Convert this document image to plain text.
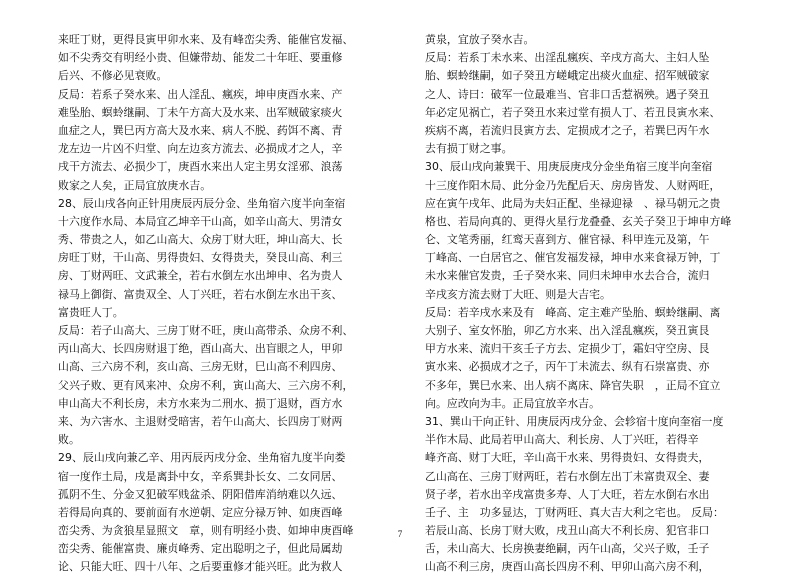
来旺丁财，更得艮寅甲卯水来、及有峰峦尖秀、能催官发福、
如不尖秀交有明经小贵、但嫌带劫、能发二十年旺、要重修
后兴、不修必见衰败。
反局：若系子癸水来、出人淫乱、瘋疾，坤申庚酉水来、产
难坠胎、螟蛉继嗣、丁未午方高大及水来、出军贼破家痰火
血症之人，巽巳丙方高大及水来、病人不脱、药饵不离、青
龙左边一片凶不归堂、向左边亥方流去、必损成才之人，辛
戌干方流去、必损少丁，庚酉水来出人定主男女淫邪、浪荡
败家之人矣，正局宜放庚水吉。
28、辰山戌各向正针用庚辰丙辰分金、坐角宿六度半向奎宿
十六度作水局、本局宜乙坤辛干山高，如辛山高大、男清女
秀、带贵之人，如乙山高大、众房丁财大旺，坤山高大、长
房旺丁财，干山高、男得贵妇、女得贵夫，癸艮山高、利三
房、丁财两旺、文武兼全，若右水倒左水出坤申、名为贵人
禄马上御街、富贵双全、人丁兴旺，若右水倒左水出干亥、
富贵旺人丁。
反局：若子山高大、三房丁财不旺，庚山高带杀、众房不利、
丙山高大、长四房财退丁绝，酉山高大、出盲眼之人，甲卯
山高、三六房不利，亥山高、三房无财，巳山高不利四房、
父兴子败、更有风来冲、众房不利，寅山高大、三六房不利，
申山高大不利长房，未方水来为二刑水、损丁退财，酉方水
来、为六害水、主退财受暗害，若午山高大、长四房丁财两
败。
29、辰山戌向兼乙辛、用丙辰丙戌分金、坐角宿九度半向娄
宿一度作土局，戌是离卦中女，辛系巽卦长女、二女同居、
孤阴不生、分金又犯破军贱盆杀、阴阳借库消纳难以久远、
若得局向真的、要前面有水逆朝、定应分禄万钟、如庚酉峰
峦尖秀、为贪狼星显照文　章，则有明经小贵、如坤申庚酉峰
峦尖秀、能催富贵、廉贞峰秀、定出聪明之子，但此局属劫
论、只能大旺、四十八年、之后要重修才能兴旺。此为救人
黄泉，宜放子癸水吉。
反局：若系丁未水来、出淫乱瘋疾、辛戌方高大、主妇人坠
胎、螟蛉继嗣，如子癸丑方嵯峨定出痰火血症、招军贼破家
之人、诗曰：破军一位最难当、官非口舌惹祸殃。遇子癸丑
年必定见祸亡，若子癸丑水来过堂有损人丁、若丑艮寅水来、
疾病不离，若流归艮寅方去、定损成才之子，若巽巳丙午水
去有损丁财之事。
30、辰山戌向兼巽干、用庚辰庚戌分金坐角宿三度半向奎宿
十三度作阳木局、此分金乃先配后天、房房皆发、人财两旺，
应在寅午戌年、此局为夫妇正配、坐禄迎禄　、禄马朝元之贵
格也、若局向真的、更得火星行龙叠叠、玄关子癸卫于坤申方峰
仑、文笔秀丽，红鸾天喜到方、催官禄、科甲连元及第，午
丁峰高、一白居官之、催官发福发禄，坤申水来食禄万钟，丁
未水来催官发贵，壬子癸水来、同归未坤申水去合合，流归
辛戌亥方流去财丁大旺、则是大吉宅。
反局：若辛戌水来及有　峰高、定主难产坠胎、螟蛉继嗣、离
大别子、室女怀胎，卯乙方水来、出入淫乱瘋疾，癸丑寅艮
甲方水来、流归干亥壬子方去、定损少丁，霜妇守空房、艮
寅水来、必损成才之子，丙午丁未流去、纵有石崇富贵、亦
不多年，巽巳水来、出人病不离床、降官失职　，正局不宜立
向。应改向为丰。正局宜放辛水吉。
31、巽山干向正针、用庚辰丙戌分金、会轸宿十度向奎宿一度
半作木局、此局若甲山高大、利长房、人丁兴旺，若得辛
峰齐高、财丁大旺，辛山高干水来、男得贵妇、女得贵夫，
乙山高在、三房丁财两旺，若右水倒左出丁未富贵双全、妻
贤子孝，若水出辛戌富贵多寿、人丁大旺，若左水倒右水出
壬子、主　功多显达，丁财两旺、真大吉大利之宅也。 反局：
若辰山高、长房丁财大败，戌丑山高大不利长房、犯官非口
舌，未山高大、长房换妻绝嗣，丙午山高，父兴子败，壬子
山高不利三房，庚酉山高长四房不利、甲卯山高六房不利，
7
